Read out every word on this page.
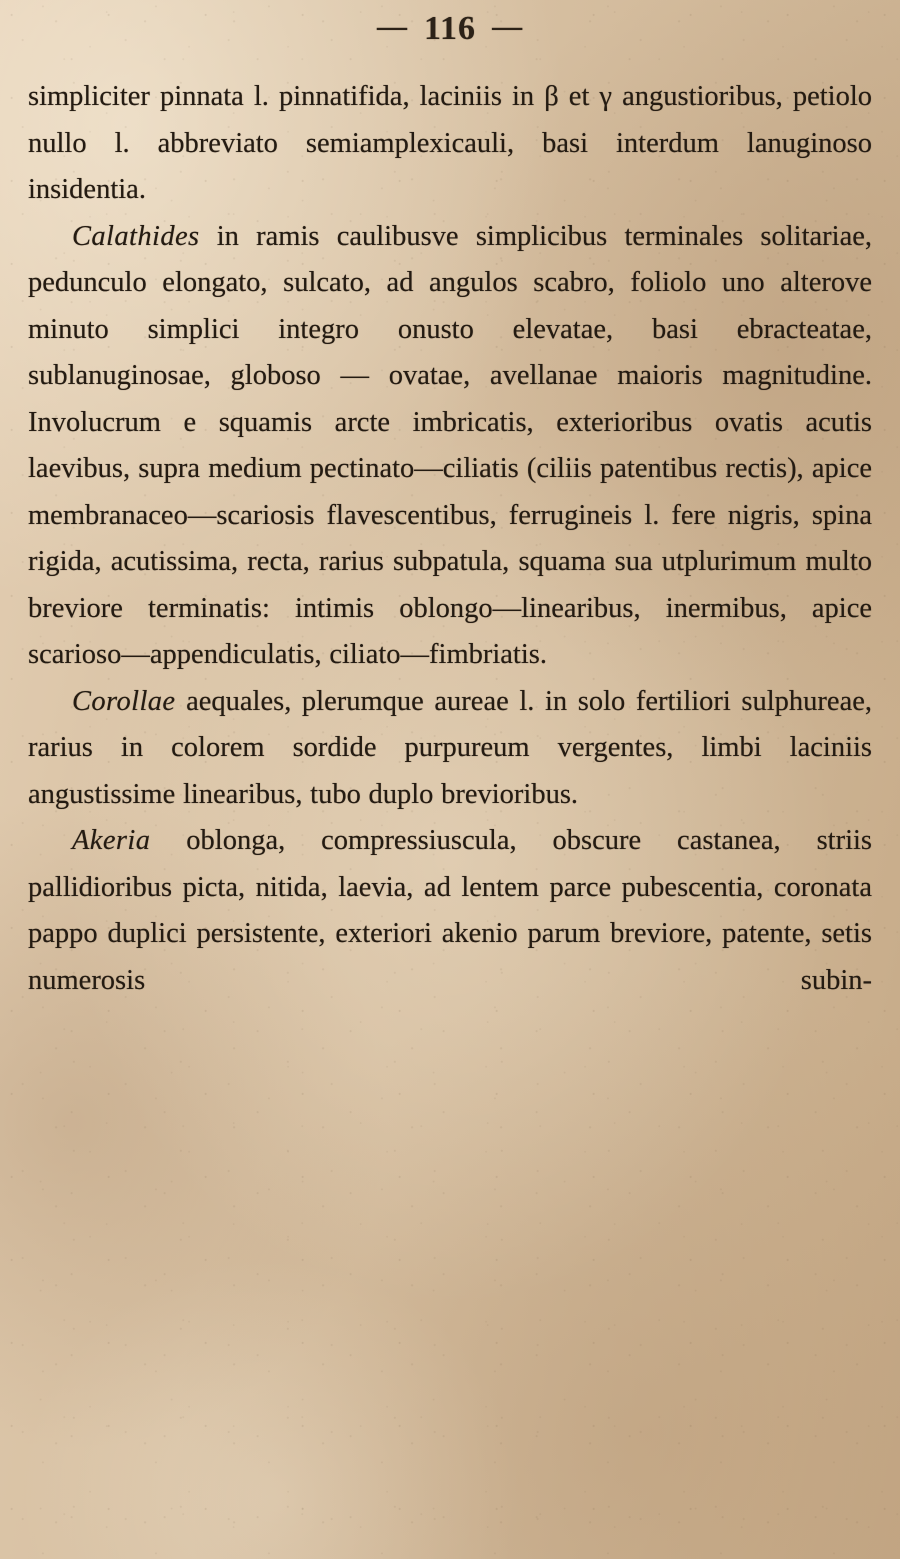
— 116 —

simpliciter pinnata l. pinnatifida, laciniis in β et γ angustioribus, petiolo nullo l. abbreviato semiamplexicauli, basi interdum lanuginoso insidentia.

Calathides in ramis caulibusve simplicibus terminales solitariae, pedunculo elongato, sulcato, ad angulos scabro, foliolo uno alterove minuto simplici integro onusto elevatae, basi ebracteatae, sublanuginosae, globoso — ovatae, avellanae maioris magnitudine. Involucrum e squamis arcte imbricatis, exterioribus ovatis acutis laevibus, supra medium pectinato—ciliatis (ciliis patentibus rectis), apice membranaceo—scariosis flavescentibus, ferrugineis l. fere nigris, spina rigida, acutissima, recta, rarius subpatula, squama sua utplurimum multo breviore terminatis: intimis oblongo—linearibus, inermibus, apice scarioso—appendiculatis, ciliato—fimbriatis.

Corollae aequales, plerumque aureae l. in solo fertiliori sulphureae, rarius in colorem sordide purpureum vergentes, limbi laciniis angustissime linearibus, tubo duplo brevioribus.

Akeria oblonga, compressiuscula, obscure castanea, striis pallidioribus picta, nitida, laevia, ad lentem parce pubescentia, coronata pappo duplici persistente, exteriori akenio parum breviore, patente, setis numerosis subin-
